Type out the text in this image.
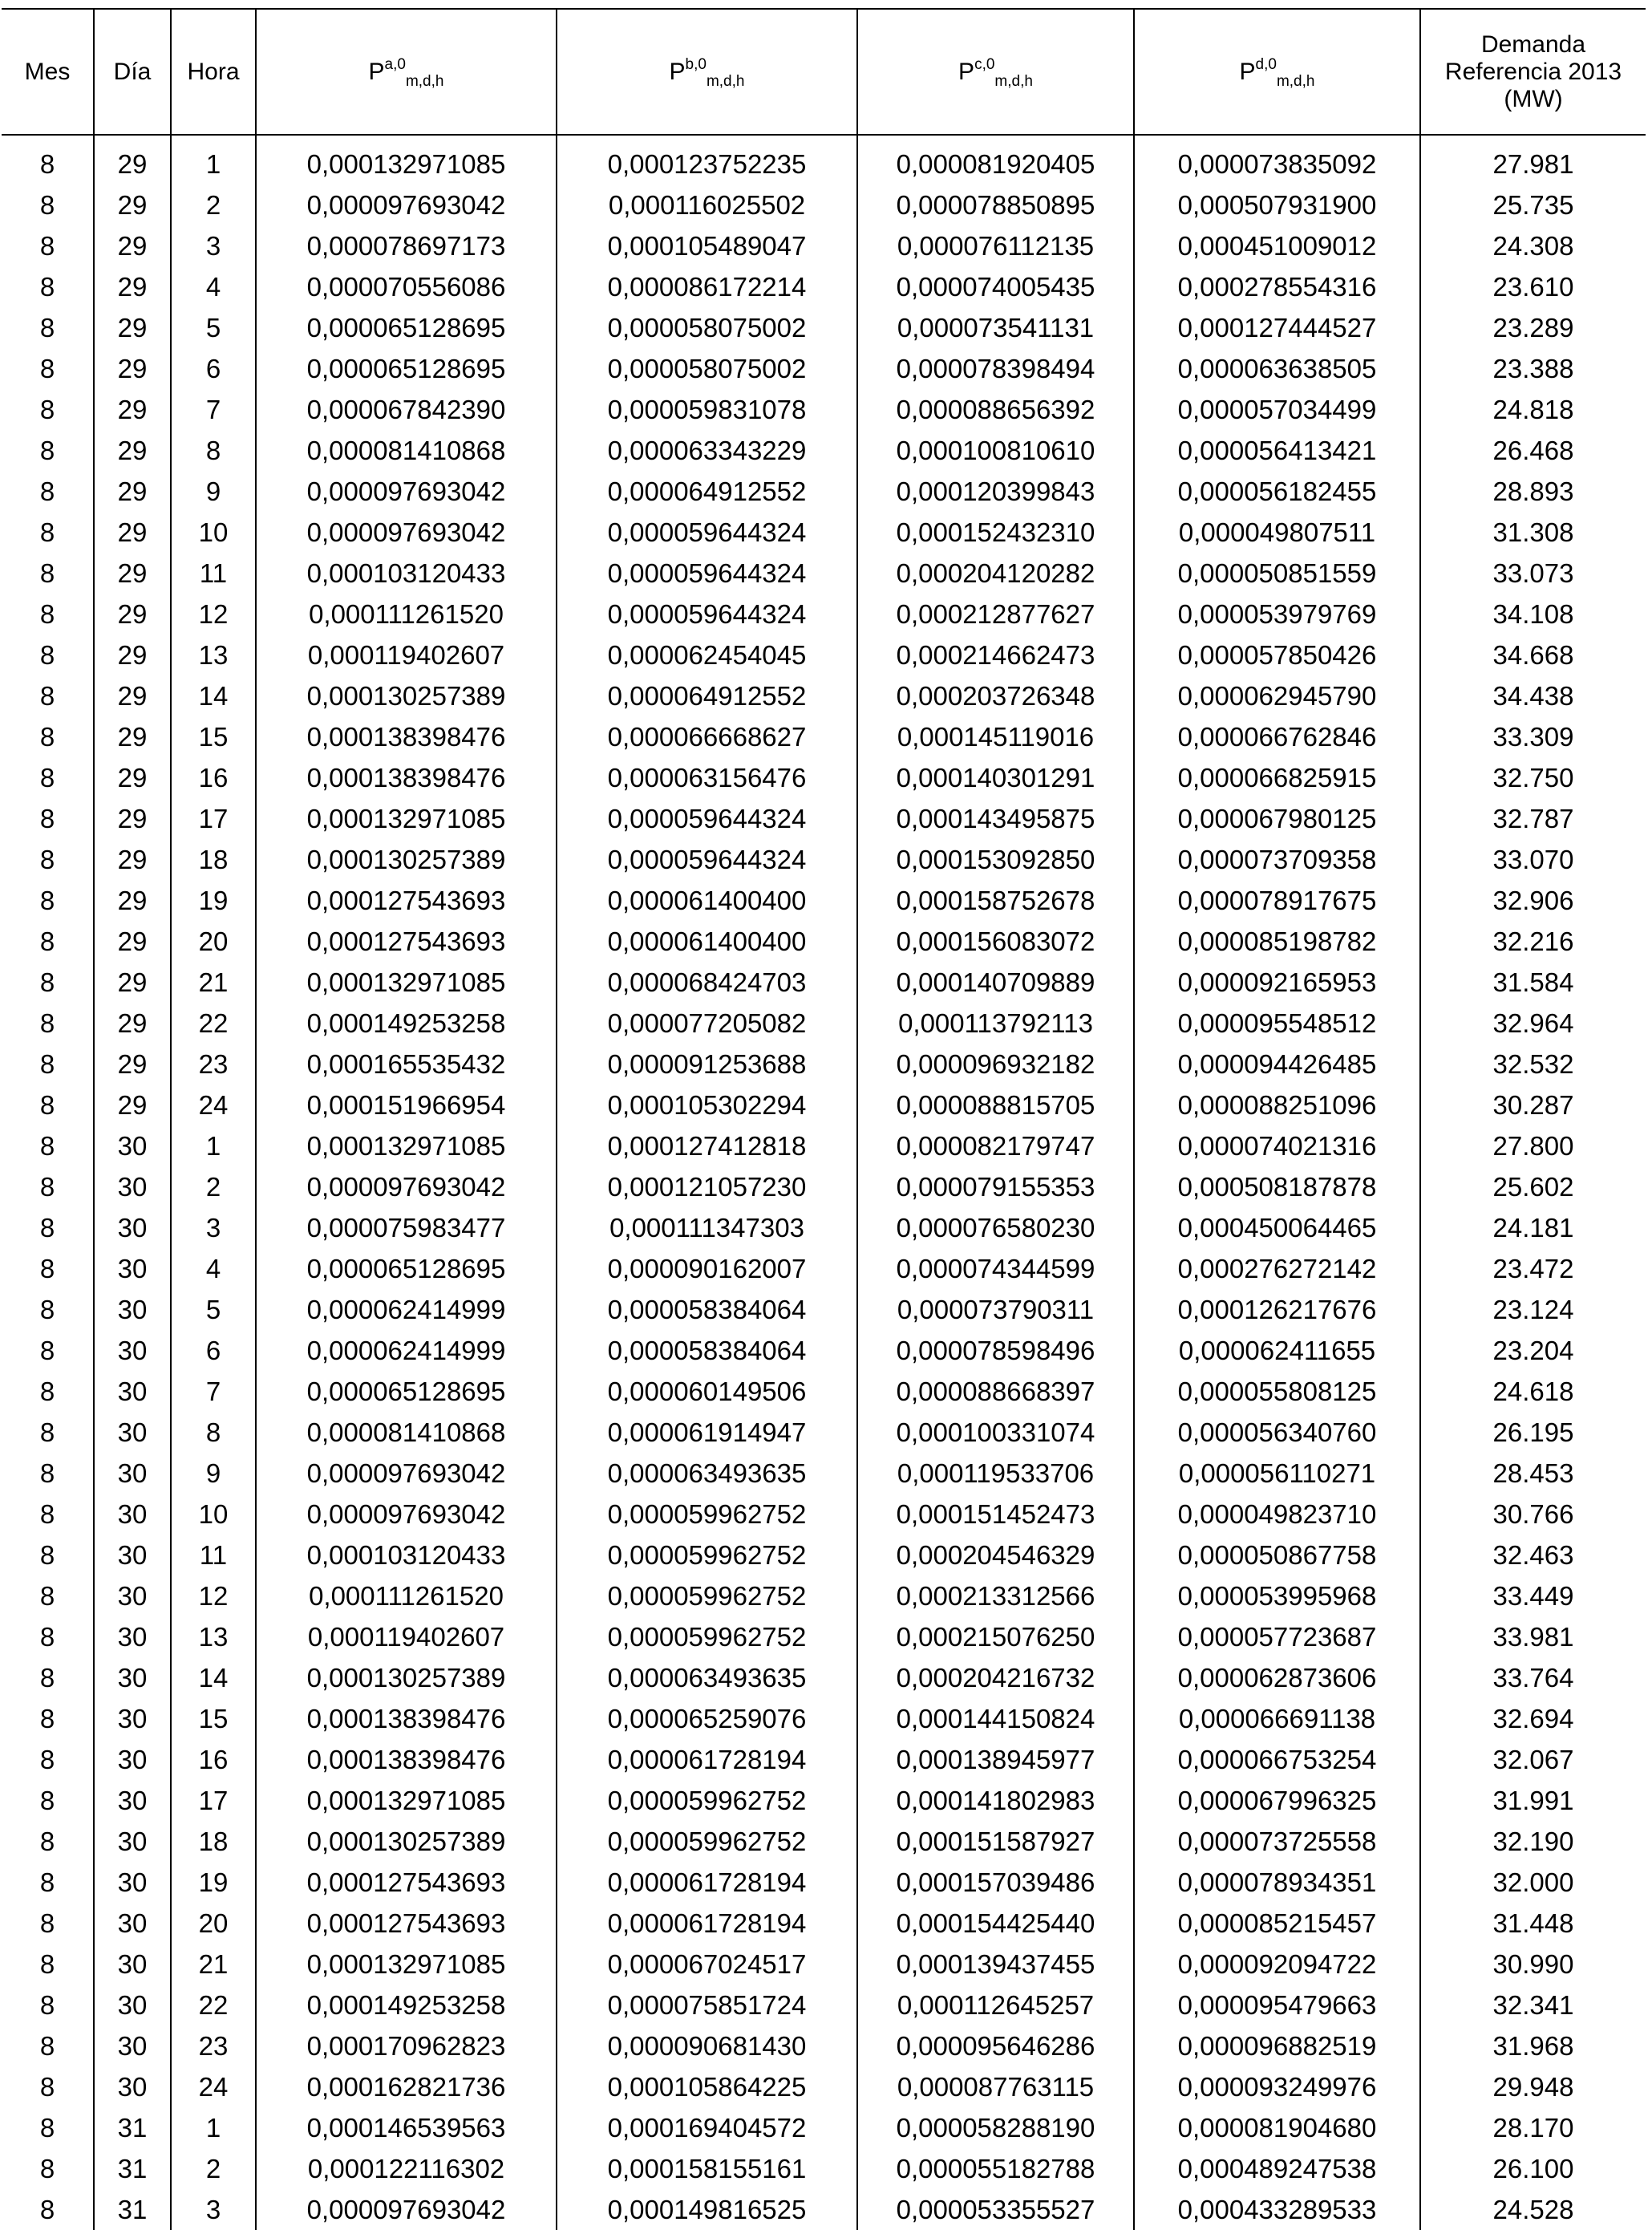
Mes	Día	Hora	P$^{a,0}_{m,d,h}$	P$^{b,0}_{m,d,h}$	P$^{c,0}_{m,d,h}$	P$^{d,0}_{m,d,h}$	Demanda
Referencia 2013
(MW)

8	29	1	0,000132971085	0,000123752235	0,000081920405	0,000073835092	27.981
8	29	2	0,000097693042	0,000116025502	0,000078850895	0,000507931900	25.735
8	29	3	0,000078697173	0,000105489047	0,000076112135	0,000451009012	24.308
8	29	4	0,000070556086	0,000086172214	0,000074005435	0,000278554316	23.610
8	29	5	0,000065128695	0,000058075002	0,000073541131	0,000127444527	23.289
8	29	6	0,000065128695	0,000058075002	0,000078398494	0,000063638505	23.388
8	29	7	0,000067842390	0,000059831078	0,000088656392	0,000057034499	24.818
8	29	8	0,000081410868	0,000063343229	0,000100810610	0,000056413421	26.468
8	29	9	0,000097693042	0,000064912552	0,000120399843	0,000056182455	28.893
8	29	10	0,000097693042	0,000059644324	0,000152432310	0,000049807511	31.308
8	29	11	0,000103120433	0,000059644324	0,000204120282	0,000050851559	33.073
8	29	12	0,000111261520	0,000059644324	0,000212877627	0,000053979769	34.108
8	29	13	0,000119402607	0,000062454045	0,000214662473	0,000057850426	34.668
8	29	14	0,000130257389	0,000064912552	0,000203726348	0,000062945790	34.438
8	29	15	0,000138398476	0,000066668627	0,000145119016	0,000066762846	33.309
8	29	16	0,000138398476	0,000063156476	0,000140301291	0,000066825915	32.750
8	29	17	0,000132971085	0,000059644324	0,000143495875	0,000067980125	32.787
8	29	18	0,000130257389	0,000059644324	0,000153092850	0,000073709358	33.070
8	29	19	0,000127543693	0,000061400400	0,000158752678	0,000078917675	32.906
8	29	20	0,000127543693	0,000061400400	0,000156083072	0,000085198782	32.216
8	29	21	0,000132971085	0,000068424703	0,000140709889	0,000092165953	31.584
8	29	22	0,000149253258	0,000077205082	0,000113792113	0,000095548512	32.964
8	29	23	0,000165535432	0,000091253688	0,000096932182	0,000094426485	32.532
8	29	24	0,000151966954	0,000105302294	0,000088815705	0,000088251096	30.287
8	30	1	0,000132971085	0,000127412818	0,000082179747	0,000074021316	27.800
8	30	2	0,000097693042	0,000121057230	0,000079155353	0,000508187878	25.602
8	30	3	0,000075983477	0,000111347303	0,000076580230	0,000450064465	24.181
8	30	4	0,000065128695	0,000090162007	0,000074344599	0,000276272142	23.472
8	30	5	0,000062414999	0,000058384064	0,000073790311	0,000126217676	23.124
8	30	6	0,000062414999	0,000058384064	0,000078598496	0,000062411655	23.204
8	30	7	0,000065128695	0,000060149506	0,000088668397	0,000055808125	24.618
8	30	8	0,000081410868	0,000061914947	0,000100331074	0,000056340760	26.195
8	30	9	0,000097693042	0,000063493635	0,000119533706	0,000056110271	28.453
8	30	10	0,000097693042	0,000059962752	0,000151452473	0,000049823710	30.766
8	30	11	0,000103120433	0,000059962752	0,000204546329	0,000050867758	32.463
8	30	12	0,000111261520	0,000059962752	0,000213312566	0,000053995968	33.449
8	30	13	0,000119402607	0,000059962752	0,000215076250	0,000057723687	33.981
8	30	14	0,000130257389	0,000063493635	0,000204216732	0,000062873606	33.764
8	30	15	0,000138398476	0,000065259076	0,000144150824	0,000066691138	32.694
8	30	16	0,000138398476	0,000061728194	0,000138945977	0,000066753254	32.067
8	30	17	0,000132971085	0,000059962752	0,000141802983	0,000067996325	31.991
8	30	18	0,000130257389	0,000059962752	0,000151587927	0,000073725558	32.190
8	30	19	0,000127543693	0,000061728194	0,000157039486	0,000078934351	32.000
8	30	20	0,000127543693	0,000061728194	0,000154425440	0,000085215457	31.448
8	30	21	0,000132971085	0,000067024517	0,000139437455	0,000092094722	30.990
8	30	22	0,000149253258	0,000075851724	0,000112645257	0,000095479663	32.341
8	30	23	0,000170962823	0,000090681430	0,000095646286	0,000096882519	31.968
8	30	24	0,000162821736	0,000105864225	0,000087763115	0,000093249976	29.948
8	31	1	0,000146539563	0,000169404572	0,000058288190	0,000081904680	28.170
8	31	2	0,000122116302	0,000158155161	0,000055182788	0,000489247538	26.100
8	31	3	0,000097693042	0,000149816525	0,000053355527	0,000433289533	24.528
